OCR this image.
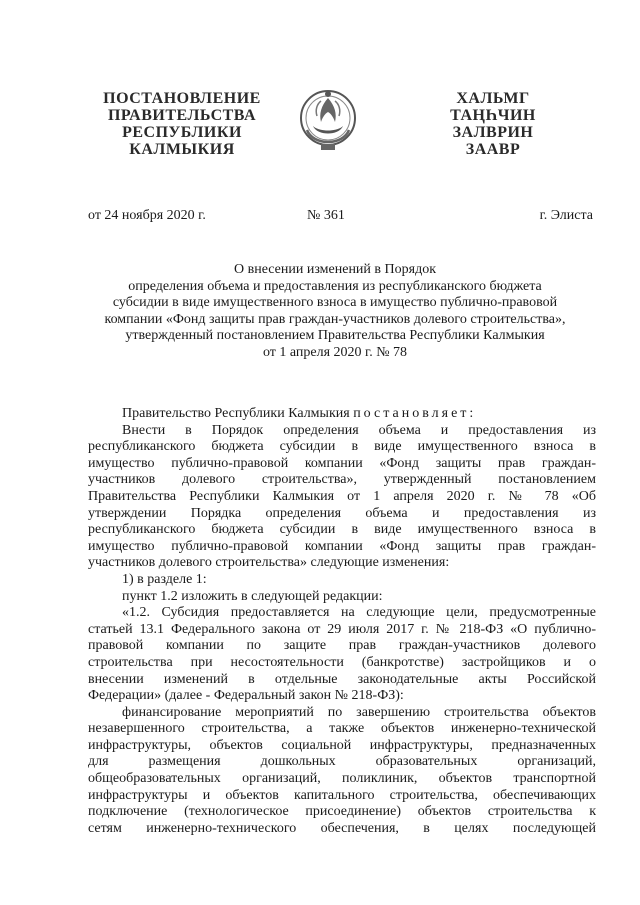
ПОСТАНОВЛЕНИЕ
ПРАВИТЕЛЬСТВА
РЕСПУБЛИКИ
КАЛМЫКИЯ
ХАЛЬМГ
ТАҢҺЧИН
ЗАЛВРИН
ЗААВР
от 24 ноября 2020 г.	№ 361	г. Элиста
О внесении изменений в Порядок
определения объема и предоставления из республиканского бюджета
субсидии в виде имущественного взноса в имущество публично-правовой
компании «Фонд защиты прав граждан-участников долевого строительства»,
утвержденный постановлением Правительства Республики Калмыкия
от 1 апреля 2020 г. № 78
Правительство Республики Калмыкия постановляет:
Внести в Порядок определения объема и предоставления из
республиканского бюджета субсидии в виде имущественного взноса в
имущество публично-правовой компании «Фонд защиты прав граждан-
участников долевого строительства», утвержденный постановлением
Правительства Республики Калмыкия от 1 апреля 2020 г. № 78 «Об
утверждении Порядка определения объема и предоставления из
республиканского бюджета субсидии в виде имущественного взноса в
имущество публично-правовой компании «Фонд защиты прав граждан-
участников долевого строительства» следующие изменения:
1) в разделе 1:
пункт 1.2 изложить в следующей редакции:
«1.2. Субсидия предоставляется на следующие цели, предусмотренные
статьей 13.1 Федерального закона от 29 июля 2017 г. № 218-ФЗ «О публично-
правовой компании по защите прав граждан-участников долевого
строительства при несостоятельности (банкротстве) застройщиков и о
внесении изменений в отдельные законодательные акты Российской
Федерации» (далее - Федеральный закон № 218-ФЗ):
финансирование мероприятий по завершению строительства объектов
незавершенного строительства, а также объектов инженерно-технической
инфраструктуры, объектов социальной инфраструктуры, предназначенных
для размещения дошкольных образовательных организаций,
общеобразовательных организаций, поликлиник, объектов транспортной
инфраструктуры и объектов капитального строительства, обеспечивающих
подключение (технологическое присоединение) объектов строительства к
сетям инженерно-технического обеспечения, в целях последующей
